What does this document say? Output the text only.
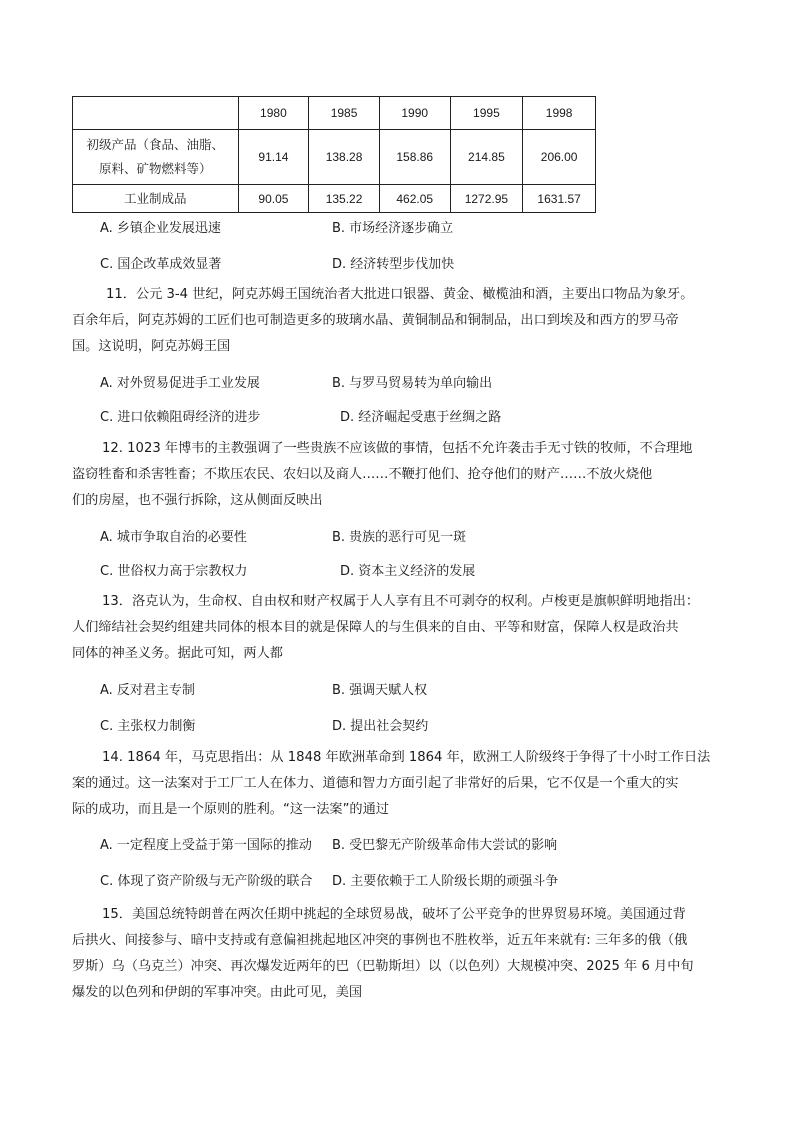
	1980	1985	1990	1995	1998
初级产品（食品、油脂、
原料、矿物燃料等）	91.14	138.28	158.86	214.85	206.00
工业制成品	90.05	135.22	462.05	1272.95	1631.57
A. 乡镇企业发展迅速	B. 市场经济逐步确立
C. 国企改革成效显著	D. 经济转型步伐加快
11．公元 3-4 世纪，阿克苏姆王国统治者大批进口银器、黄金、橄榄油和酒，主要出口物品为象牙。
百余年后，阿克苏姆的工匠们也可制造更多的玻璃水晶、黄铜制品和铜制品，出口到埃及和西方的罗马帝
国。这说明，阿克苏姆王国
A. 对外贸易促进手工业发展	B. 与罗马贸易转为单向输出
C. 进口依赖阻碍经济的进步	D. 经济崛起受惠于丝绸之路
12. 1023 年博韦的主教强调了一些贵族不应该做的事情，包括不允许袭击手无寸铁的牧师，不合理地
盗窃牲畜和杀害牲畜；不欺压农民、农妇以及商人……不鞭打他们、抢夺他们的财产……不放火烧他
们的房屋，也不强行拆除，这从侧面反映出
A. 城市争取自治的必要性	B. 贵族的恶行可见一斑
C. 世俗权力高于宗教权力	D. 资本主义经济的发展
13．洛克认为，生命权、自由权和财产权属于人人享有且不可剥夺的权利。卢梭更是旗帜鲜明地指出：
人们缔结社会契约组建共同体的根本目的就是保障人的与生俱来的自由、平等和财富，保障人权是政治共
同体的神圣义务。据此可知，两人都
A. 反对君主专制	B. 强调天赋人权
C. 主张权力制衡	D. 提出社会契约
14. 1864 年，马克思指出：从 1848 年欧洲革命到 1864 年，欧洲工人阶级终于争得了十小时工作日法
案的通过。这一法案对于工厂工人在体力、道德和智力方面引起了非常好的后果，它不仅是一个重大的实
际的成功，而且是一个原则的胜利。“这一法案”的通过
A. 一定程度上受益于第一国际的推动 B. 受巴黎无产阶级革命伟大尝试的影响
C. 体现了资产阶级与无产阶级的联合 D. 主要依赖于工人阶级长期的顽强斗争
15．美国总统特朗普在两次任期中挑起的全球贸易战，破坏了公平竞争的世界贸易环境。美国通过背
后拱火、间接参与、暗中支持或有意偏袒挑起地区冲突的事例也不胜枚举，近五年来就有: 三年多的俄（俄
罗斯）乌（乌克兰）冲突、再次爆发近两年的巴（巴勒斯坦）以（以色列）大规模冲突、2025 年 6 月中旬
爆发的以色列和伊朗的军事冲突。由此可见，美国
